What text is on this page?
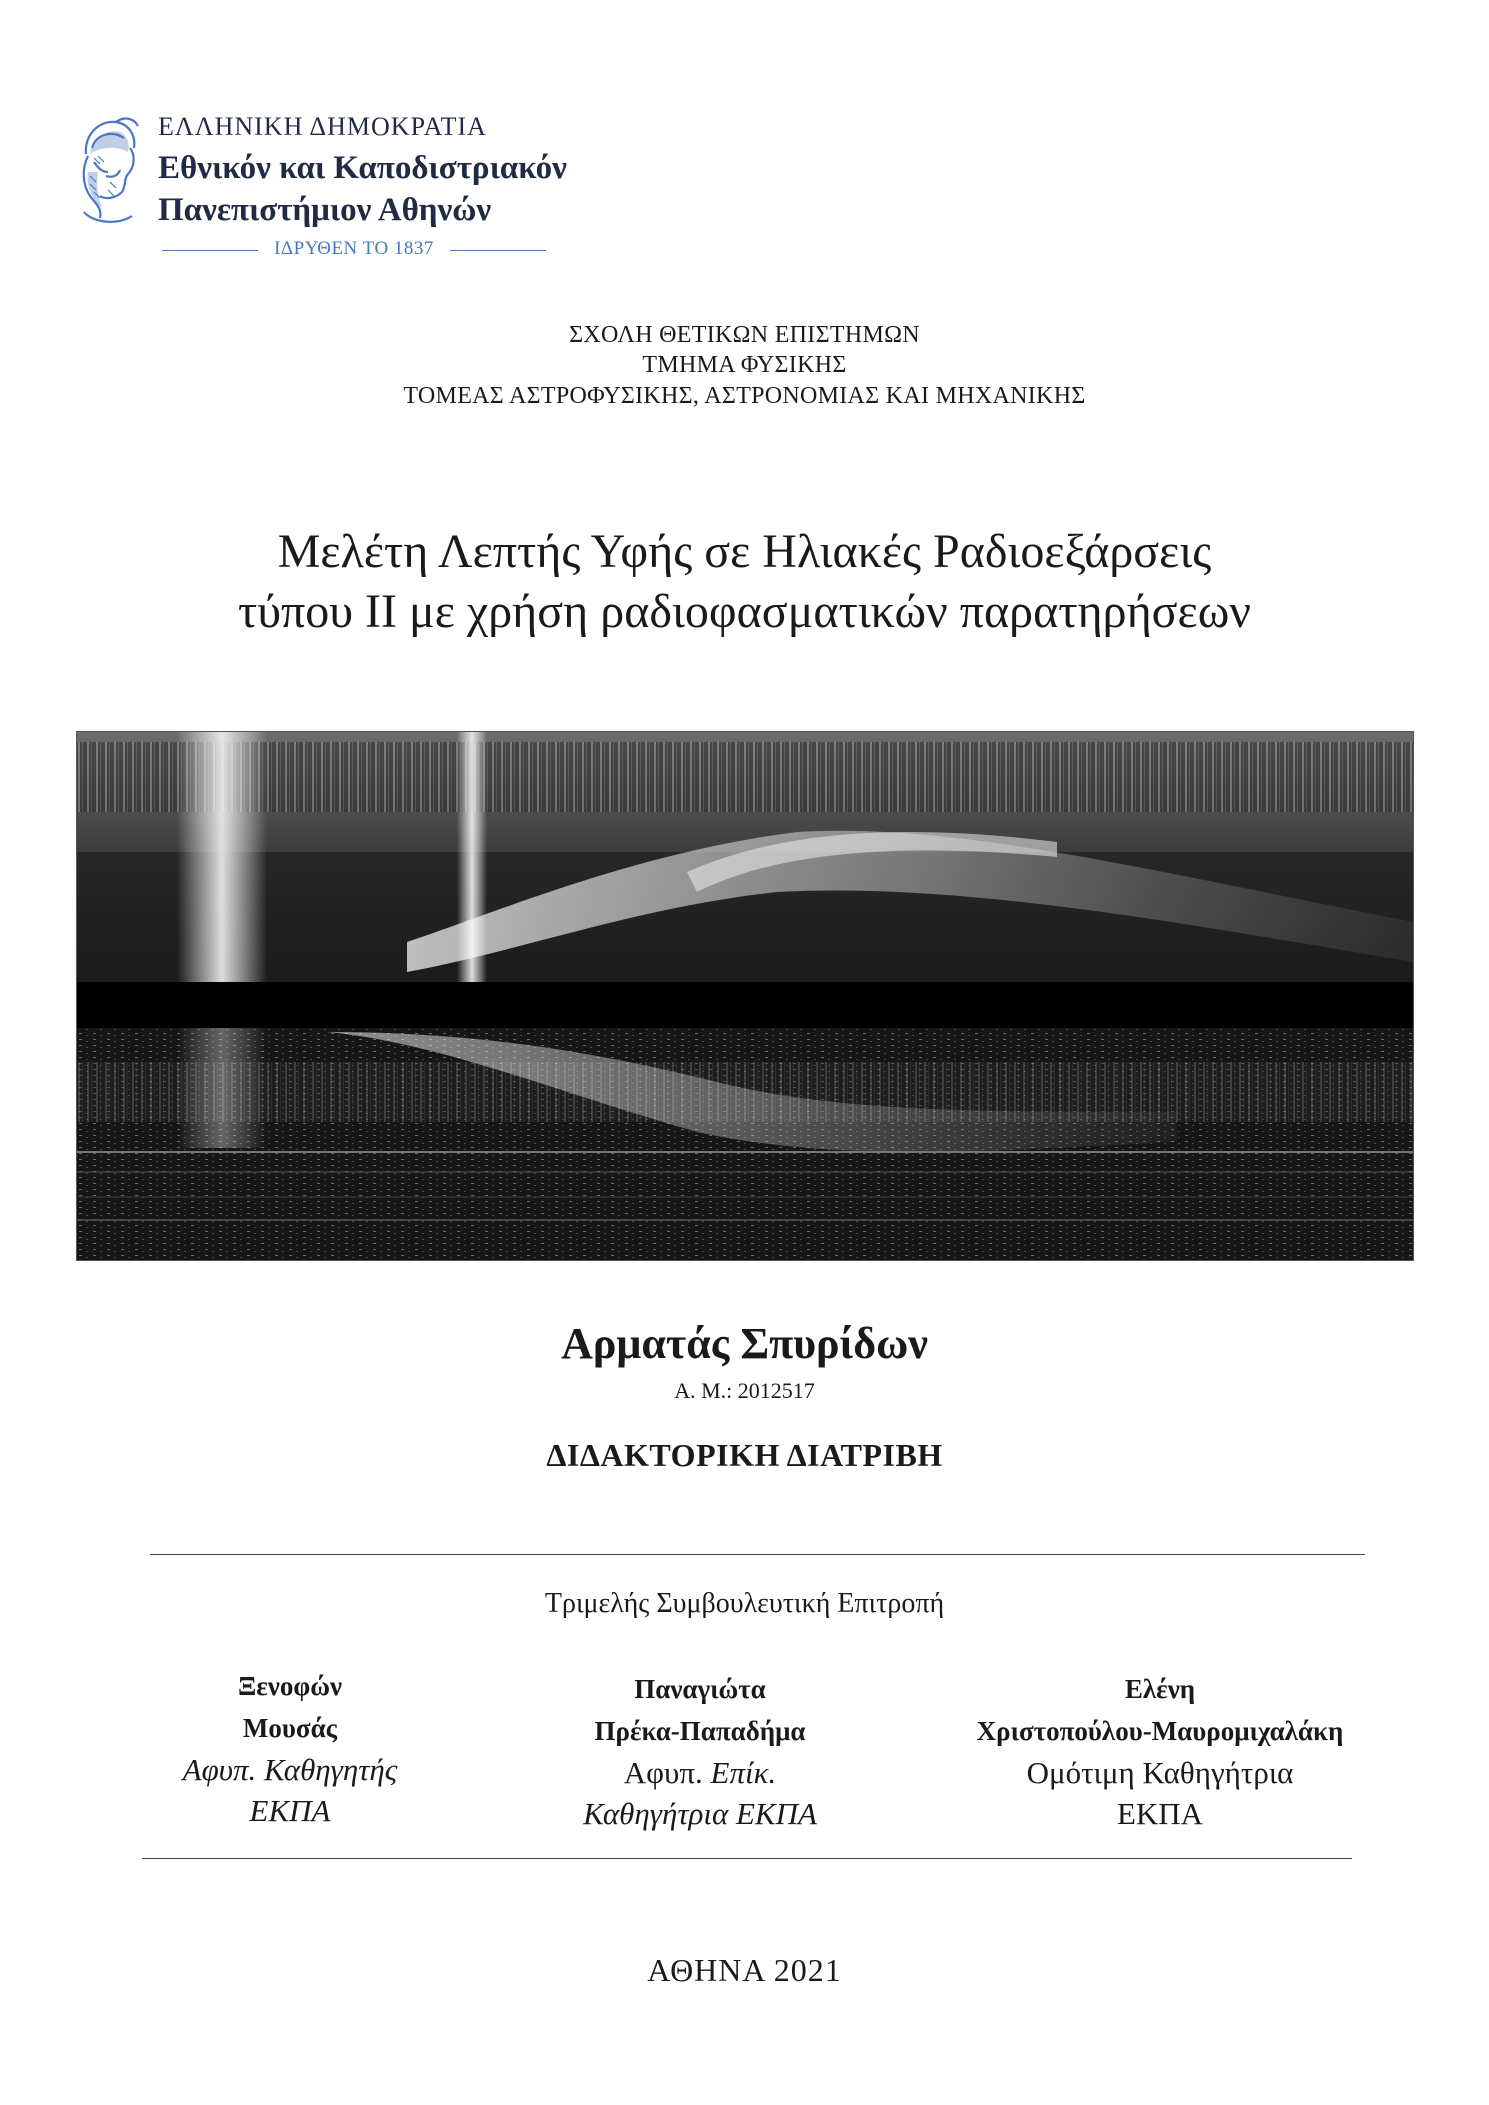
ΕΛΛΗΝΙΚΗ ΔΗΜΟΚΡΑΤΙΑ
Εθνικόν και Καποδιστριακόν
Πανεπιστήμιον Αθηνών
ΙΔΡΥΘΕΝ ΤΟ 1837
ΣΧΟΛΗ ΘΕΤΙΚΩΝ ΕΠΙΣΤΗΜΩΝ
ΤΜΗΜΑ ΦΥΣΙΚΗΣ
ΤΟΜΕΑΣ ΑΣΤΡΟΦΥΣΙΚΗΣ, ΑΣΤΡΟΝΟΜΙΑΣ ΚΑΙ ΜΗΧΑΝΙΚΗΣ
Μελέτη Λεπτής Υφής σε Ηλιακές Ραδιοεξάρσεις
τύπου ΙΙ με χρήση ραδιοφασματικών παρατηρήσεων
Αρματάς Σπυρίδων
Α. Μ.: 2012517
ΔΙΔΑΚΤΟΡΙΚΗ ΔΙΑΤΡΙΒΗ
Τριμελής Συμβουλευτική Επιτροπή
Ξενοφών
Μουσάς
Αφυπ. Καθηγητής
ΕΚΠΑ
Παναγιώτα
Πρέκα-Παπαδήμα
Αφυπ. Επίκ.
Καθηγήτρια ΕΚΠΑ
Ελένη
Χριστοπούλου-Μαυρομιχαλάκη
Ομότιμη Καθηγήτρια
ΕΚΠΑ
ΑΘΗΝΑ 2021
